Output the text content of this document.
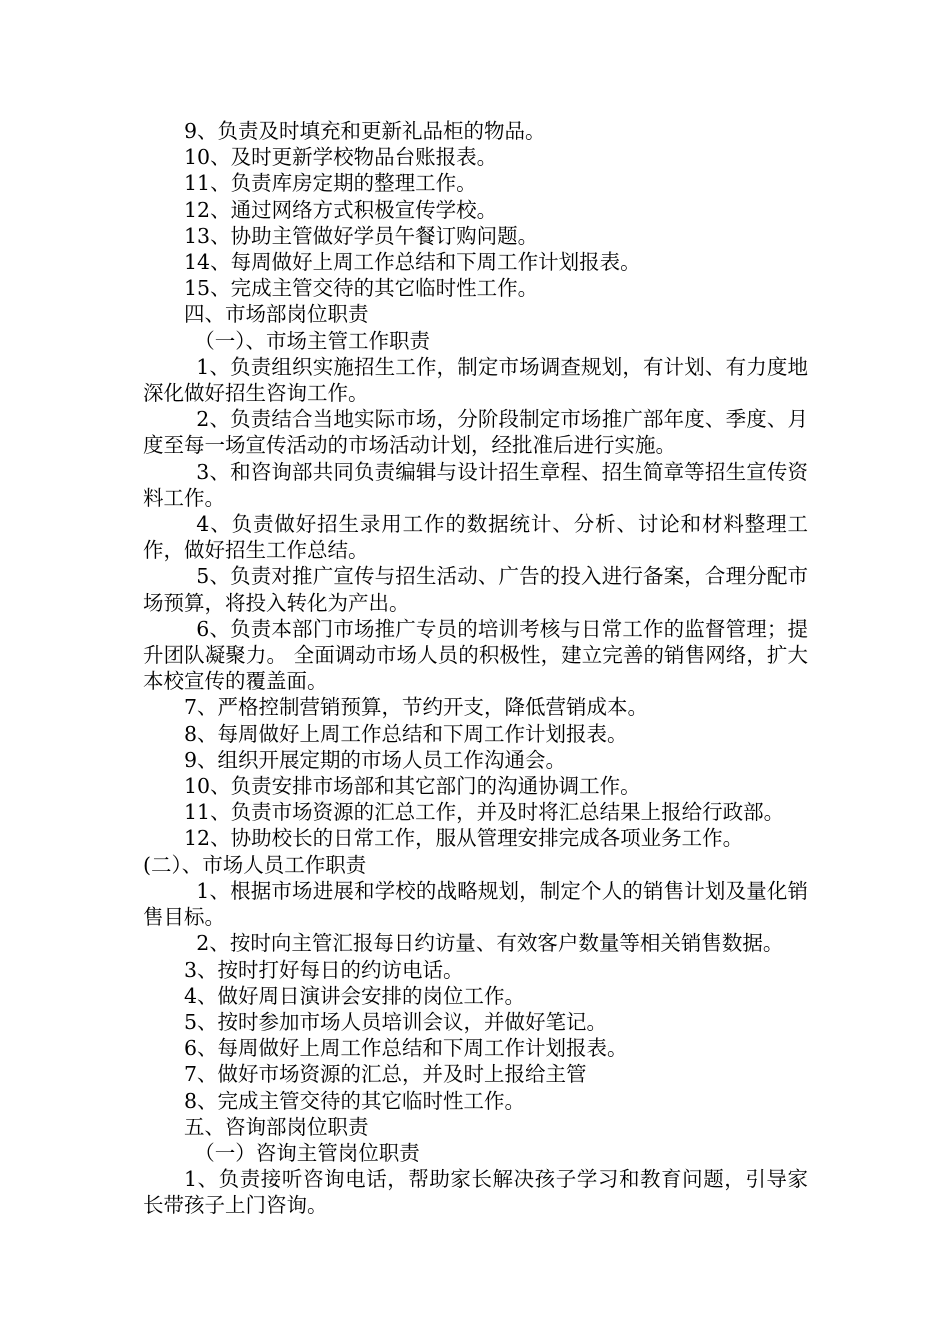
9、负责及时填充和更新礼品柜的物品。

10、及时更新学校物品台账报表。

11、负责库房定期的整理工作。

12、通过网络方式积极宣传学校。

13、协助主管做好学员午餐订购问题。

14、每周做好上周工作总结和下周工作计划报表。

15、完成主管交待的其它临时性工作。

四、市场部岗位职责

（一）、市场主管工作职责

1、负责组织实施招生工作，制定市场调查规划，有计划、有力度地深化做好招生咨询工作。

2、负责结合当地实际市场，分阶段制定市场推广部年度、季度、月度至每一场宣传活动的市场活动计划，经批准后进行实施。

3、和咨询部共同负责编辑与设计招生章程、招生简章等招生宣传资料工作。

4、负责做好招生录用工作的数据统计、分析、讨论和材料整理工作，做好招生工作总结。

5、负责对推广宣传与招生活动、广告的投入进行备案，合理分配市场预算，将投入转化为产出。

6、负责本部门市场推广专员的培训考核与日常工作的监督管理；提升团队凝聚力。 全面调动市场人员的积极性，建立完善的销售网络，扩大本校宣传的覆盖面。

7、严格控制营销预算，节约开支，降低营销成本。

8、每周做好上周工作总结和下周工作计划报表。

9、组织开展定期的市场人员工作沟通会。

10、负责安排市场部和其它部门的沟通协调工作。

11、负责市场资源的汇总工作，并及时将汇总结果上报给行政部。

12、协助校长的日常工作，服从管理安排完成各项业务工作。

(二）、市场人员工作职责

1、根据市场进展和学校的战略规划，制定个人的销售计划及量化销售目标。

2、按时向主管汇报每日约访量、有效客户数量等相关销售数据。

3、按时打好每日的约访电话。

4、做好周日演讲会安排的岗位工作。

5、按时参加市场人员培训会议，并做好笔记。

6、每周做好上周工作总结和下周工作计划报表。

7、做好市场资源的汇总，并及时上报给主管

8、完成主管交待的其它临时性工作。

五、咨询部岗位职责

（一）咨询主管岗位职责

1、负责接听咨询电话，帮助家长解决孩子学习和教育问题，引导家长带孩子上门咨询。
